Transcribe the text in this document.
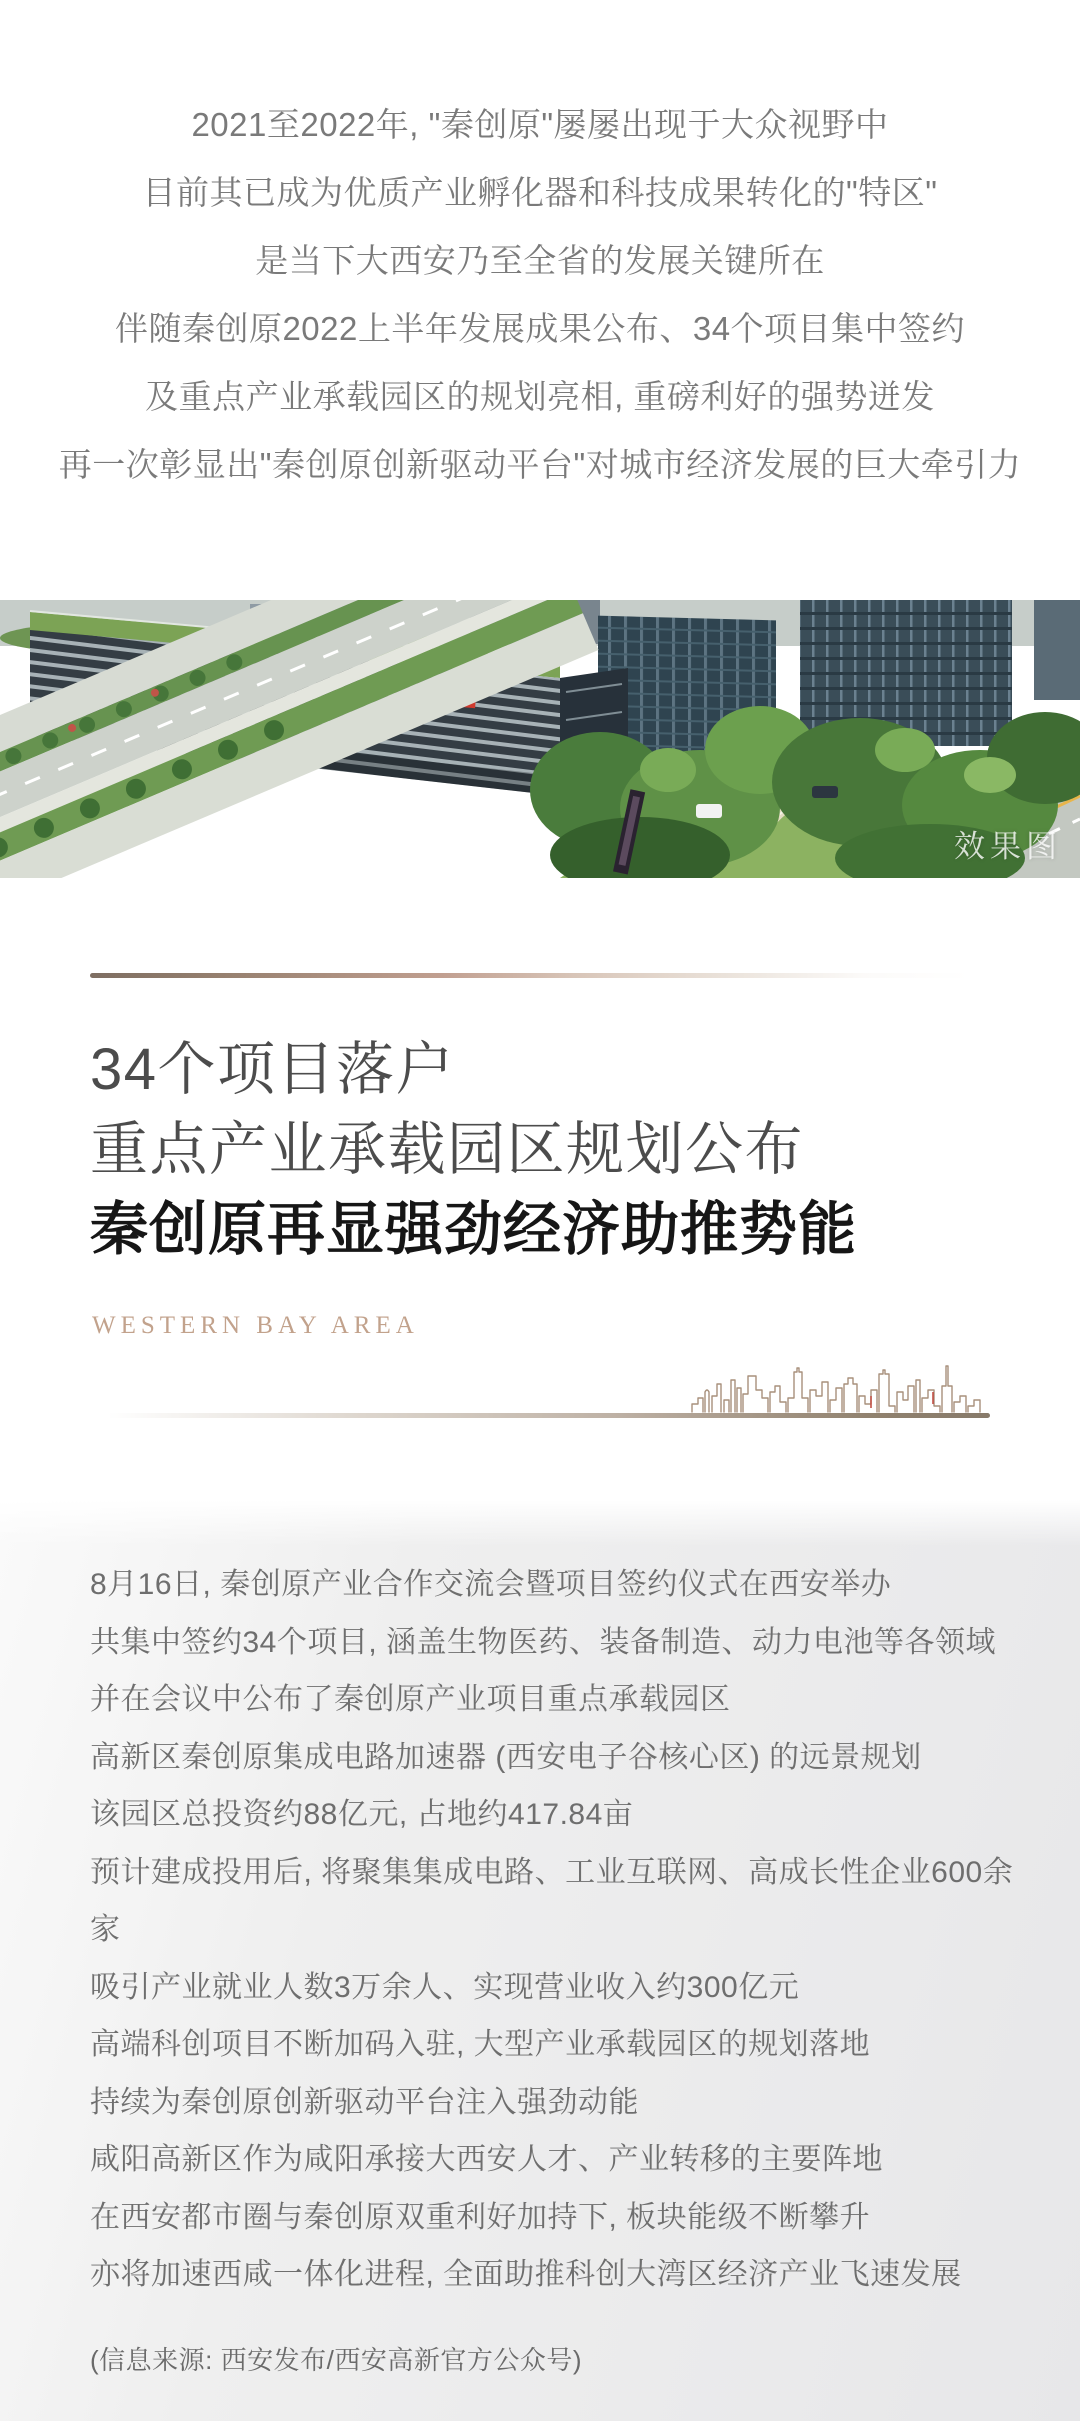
2021至2022年, "秦创原"屡屡出现于大众视野中

目前其已成为优质产业孵化器和科技成果转化的"特区"

是当下大西安乃至全省的发展关键所在

伴随秦创原2022上半年发展成果公布、34个项目集中签约

及重点产业承载园区的规划亮相, 重磅利好的强势迸发

再一次彰显出"秦创原创新驱动平台"对城市经济发展的巨大牵引力

效果图

34个项目落户

重点产业承载园区规划公布

秦创原再显强劲经济助推势能

WESTERN BAY AREA

8月16日, 秦创原产业合作交流会暨项目签约仪式在西安举办

共集中签约34个项目, 涵盖生物医药、装备制造、动力电池等各领域

并在会议中公布了秦创原产业项目重点承载园区

高新区秦创原集成电路加速器 (西安电子谷核心区) 的远景规划

该园区总投资约88亿元, 占地约417.84亩

预计建成投用后, 将聚集集成电路、工业互联网、高成长性企业600余家

吸引产业就业人数3万余人、实现营业收入约300亿元

高端科创项目不断加码入驻, 大型产业承载园区的规划落地

持续为秦创原创新驱动平台注入强劲动能

咸阳高新区作为咸阳承接大西安人才、产业转移的主要阵地

在西安都市圈与秦创原双重利好加持下, 板块能级不断攀升

亦将加速西咸一体化进程, 全面助推科创大湾区经济产业飞速发展

(信息来源: 西安发布/西安高新官方公众号)
